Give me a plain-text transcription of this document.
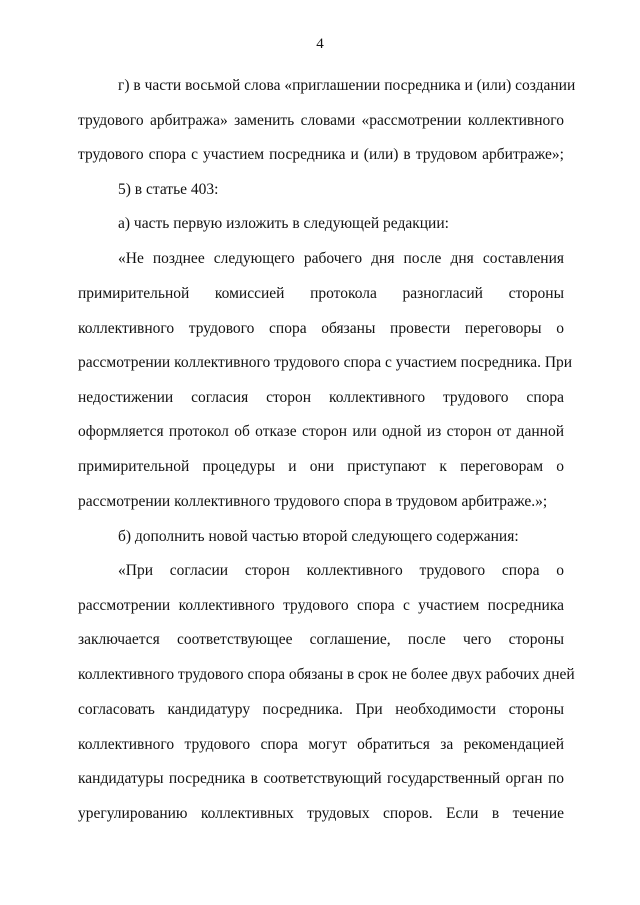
4
г) в части восьмой слова «приглашении посредника и (или) создании
трудового арбитража» заменить словами «рассмотрении коллективного
трудового спора с участием посредника и (или) в трудовом арбитраже»;
5) в статье 403:
а) часть первую изложить в следующей редакции:
«Не позднее следующего рабочего дня после дня составления
примирительной комиссией протокола разногласий стороны
коллективного трудового спора обязаны провести переговоры о
рассмотрении коллективного трудового спора с участием посредника. При
недостижении согласия сторон коллективного трудового спора
оформляется протокол об отказе сторон или одной из сторон от данной
примирительной процедуры и они приступают к переговорам о
рассмотрении коллективного трудового спора в трудовом арбитраже.»;
б) дополнить новой частью второй следующего содержания:
«При согласии сторон коллективного трудового спора о
рассмотрении коллективного трудового спора с участием посредника
заключается соответствующее соглашение, после чего стороны
коллективного трудового спора обязаны в срок не более двух рабочих дней
согласовать кандидатуру посредника. При необходимости стороны
коллективного трудового спора могут обратиться за рекомендацией
кандидатуры посредника в соответствующий государственный орган по
урегулированию коллективных трудовых споров. Если в течение
